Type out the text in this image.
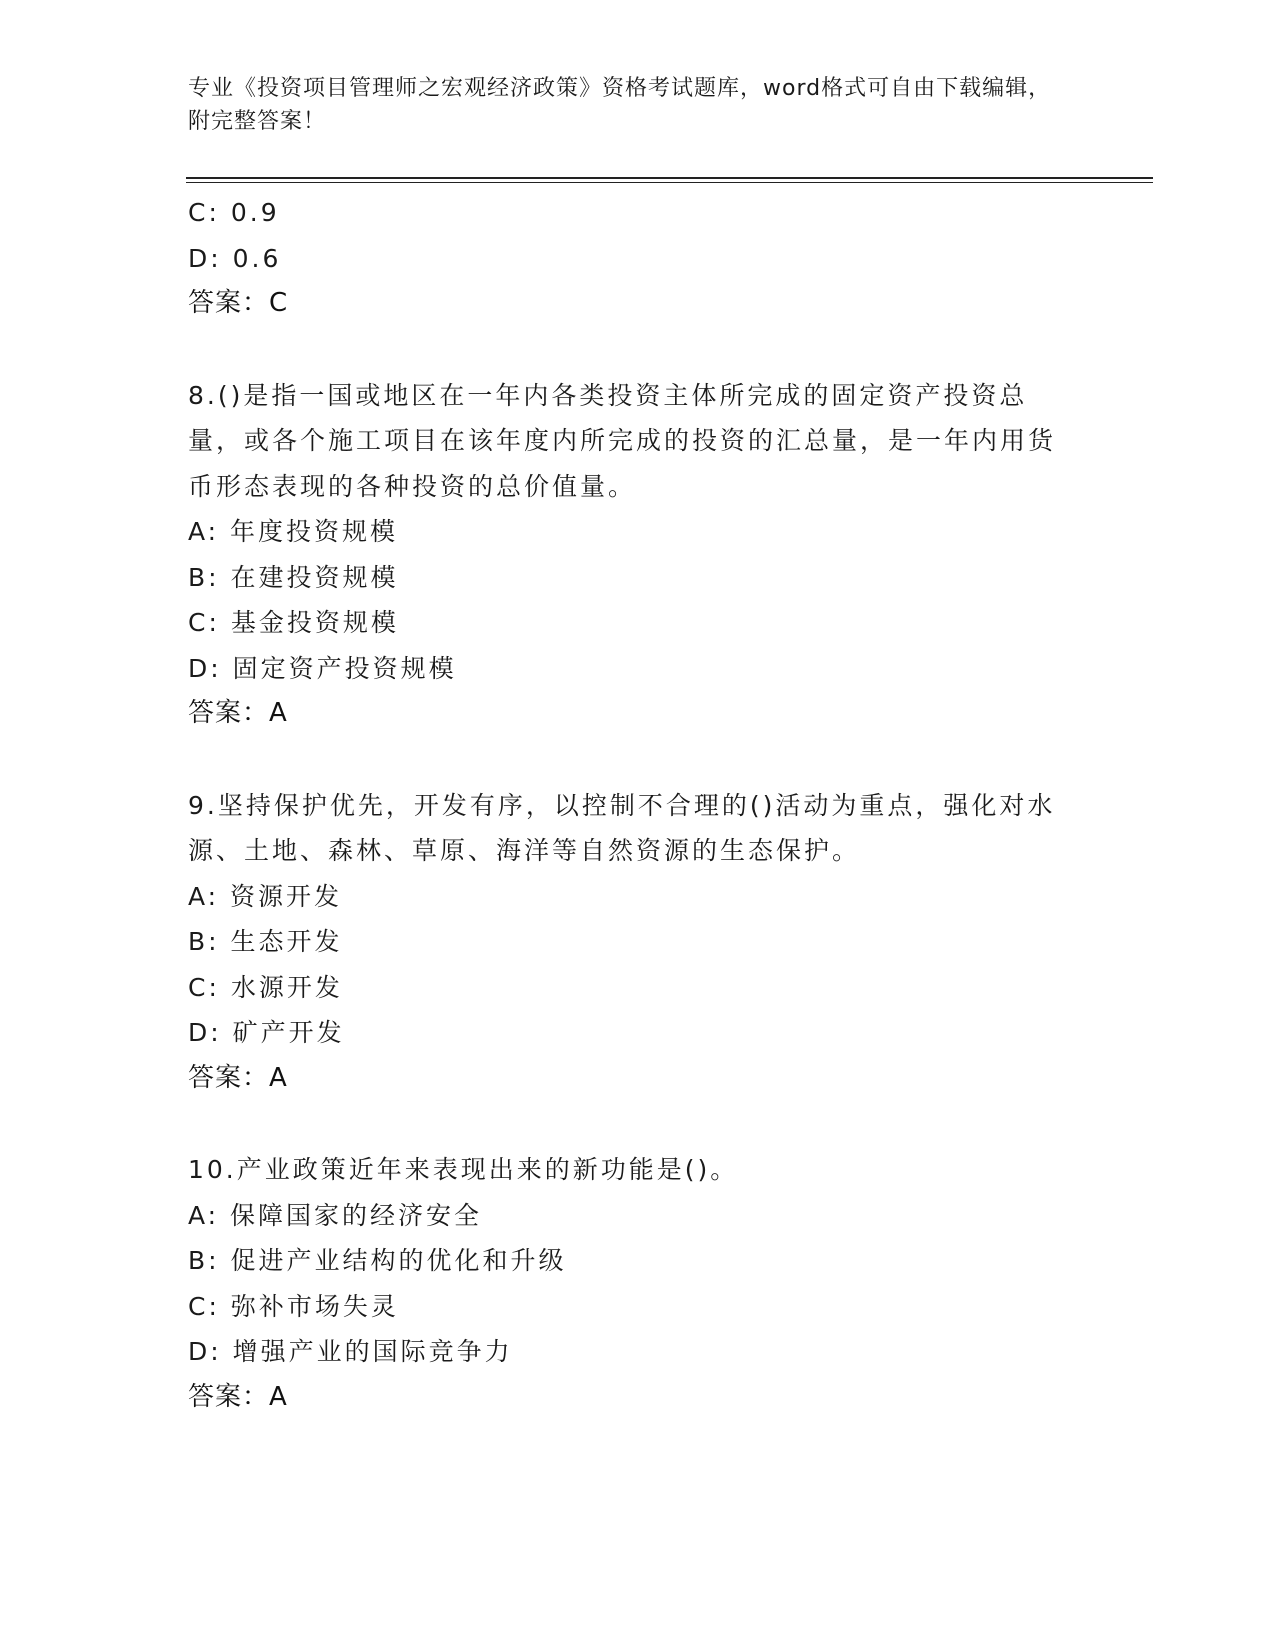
专业《投资项目管理师之宏观经济政策》资格考试题库，word格式可自由下载编辑，附完整答案！
C: 0.9
D: 0.6
答案：C
8.()是指一国或地区在一年内各类投资主体所完成的固定资产投资总量，或各个施工项目在该年度内所完成的投资的汇总量，是一年内用货币形态表现的各种投资的总价值量。
A: 年度投资规模
B: 在建投资规模
C: 基金投资规模
D: 固定资产投资规模
答案：A
9.坚持保护优先，开发有序，以控制不合理的()活动为重点，强化对水源、土地、森林、草原、海洋等自然资源的生态保护。
A: 资源开发
B: 生态开发
C: 水源开发
D: 矿产开发
答案：A
10.产业政策近年来表现出来的新功能是()。
A: 保障国家的经济安全
B: 促进产业结构的优化和升级
C: 弥补市场失灵
D: 增强产业的国际竞争力
答案：A
